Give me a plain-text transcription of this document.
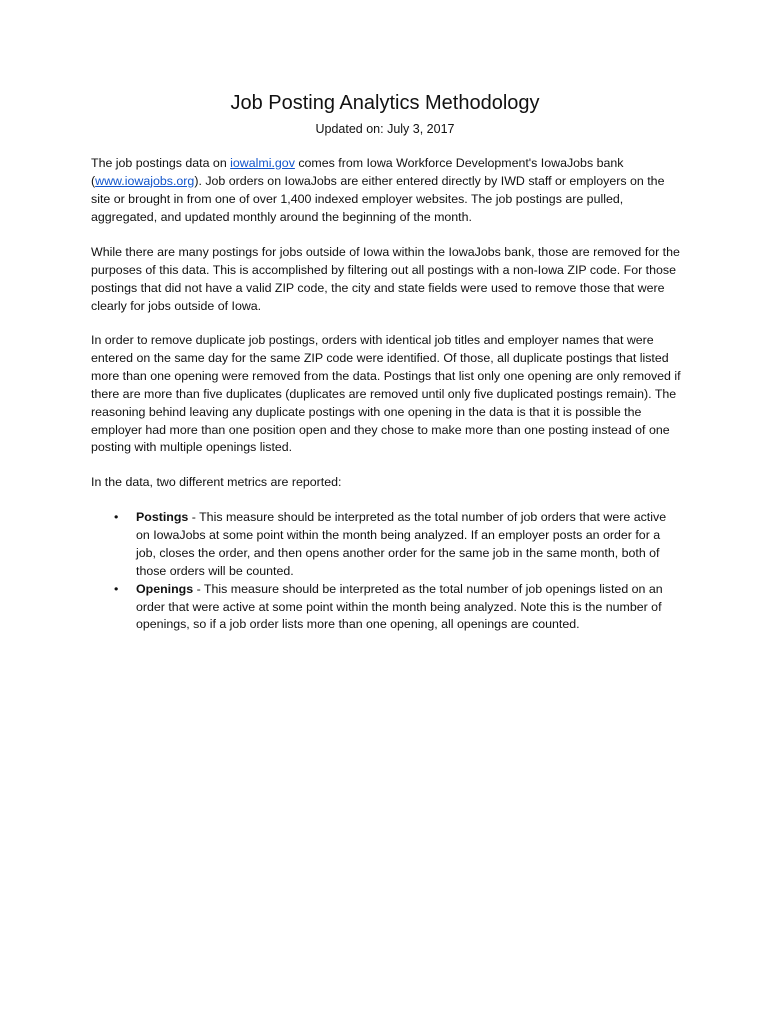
Job Posting Analytics Methodology

Updated on: July 3, 2017

The job postings data on iowalmi.gov comes from Iowa Workforce Development's IowaJobs bank (www.iowajobs.org). Job orders on IowaJobs are either entered directly by IWD staff or employers on the site or brought in from one of over 1,400 indexed employer websites. The job postings are pulled, aggregated, and updated monthly around the beginning of the month.

While there are many postings for jobs outside of Iowa within the IowaJobs bank, those are removed for the purposes of this data. This is accomplished by filtering out all postings with a non-Iowa ZIP code. For those postings that did not have a valid ZIP code, the city and state fields were used to remove those that were clearly for jobs outside of Iowa.

In order to remove duplicate job postings, orders with identical job titles and employer names that were entered on the same day for the same ZIP code were identified. Of those, all duplicate postings that listed more than one opening were removed from the data. Postings that list only one opening are only removed if there are more than five duplicates (duplicates are removed until only five duplicated postings remain). The reasoning behind leaving any duplicate postings with one opening in the data is that it is possible the employer had more than one position open and they chose to make more than one posting instead of one posting with multiple openings listed.

In the data, two different metrics are reported:

• Postings - This measure should be interpreted as the total number of job orders that were active on IowaJobs at some point within the month being analyzed. If an employer posts an order for a job, closes the order, and then opens another order for the same job in the same month, both of those orders will be counted.
• Openings - This measure should be interpreted as the total number of job openings listed on an order that were active at some point within the month being analyzed. Note this is the number of openings, so if a job order lists more than one opening, all openings are counted.
